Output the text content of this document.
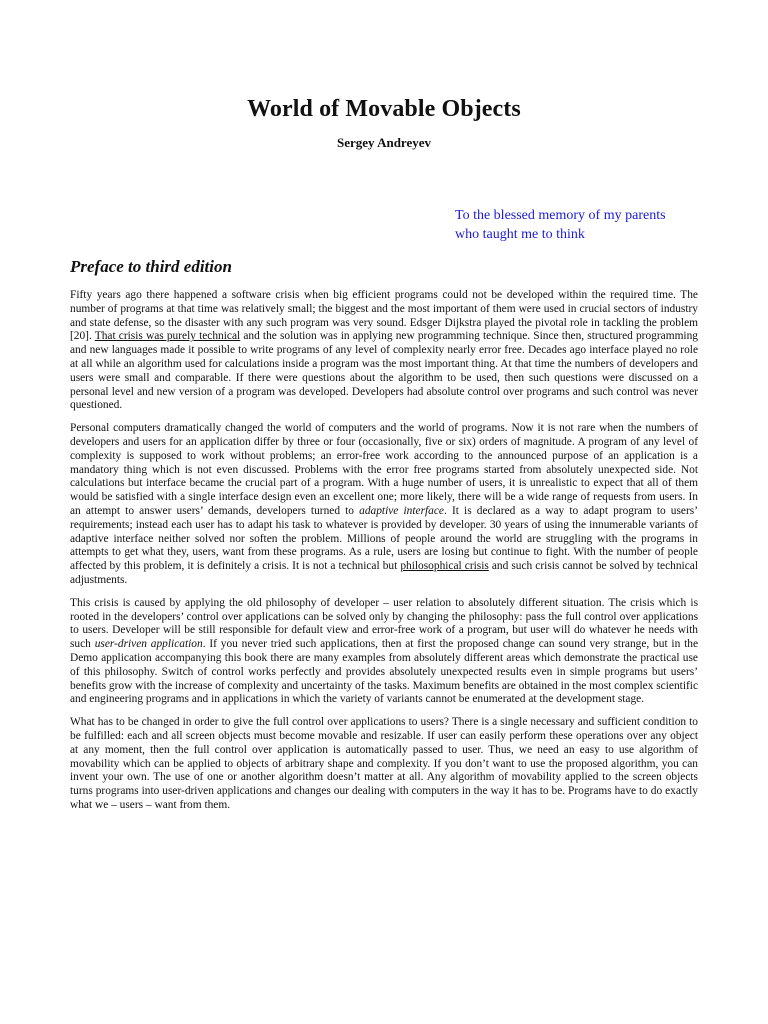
World of Movable Objects

Sergey Andreyev

To the blessed memory of my parents
who taught me to think

Preface to third edition

Fifty years ago there happened a software crisis when big efficient programs could not be developed within the required time. The number of programs at that time was relatively small; the biggest and the most important of them were used in crucial sectors of industry and state defense, so the disaster with any such program was very sound. Edsger Dijkstra played the pivotal role in tackling the problem [20]. That crisis was purely technical and the solution was in applying new programming technique. Since then, structured programming and new languages made it possible to write programs of any level of complexity nearly error free. Decades ago interface played no role at all while an algorithm used for calculations inside a program was the most important thing. At that time the numbers of developers and users were small and comparable. If there were questions about the algorithm to be used, then such questions were discussed on a personal level and new version of a program was developed. Developers had absolute control over programs and such control was never questioned.

Personal computers dramatically changed the world of computers and the world of programs. Now it is not rare when the numbers of developers and users for an application differ by three or four (occasionally, five or six) orders of magnitude. A program of any level of complexity is supposed to work without problems; an error-free work according to the announced purpose of an application is a mandatory thing which is not even discussed. Problems with the error free programs started from absolutely unexpected side. Not calculations but interface became the crucial part of a program. With a huge number of users, it is unrealistic to expect that all of them would be satisfied with a single interface design even an excellent one; more likely, there will be a wide range of requests from users. In an attempt to answer users’ demands, developers turned to adaptive interface. It is declared as a way to adapt program to users’ requirements; instead each user has to adapt his task to whatever is provided by developer. 30 years of using the innumerable variants of adaptive interface neither solved nor soften the problem. Millions of people around the world are struggling with the programs in attempts to get what they, users, want from these programs. As a rule, users are losing but continue to fight. With the number of people affected by this problem, it is definitely a crisis. It is not a technical but philosophical crisis and such crisis cannot be solved by technical adjustments.

This crisis is caused by applying the old philosophy of developer – user relation to absolutely different situation. The crisis which is rooted in the developers’ control over applications can be solved only by changing the philosophy: pass the full control over applications to users. Developer will be still responsible for default view and error-free work of a program, but user will do whatever he needs with such user-driven application. If you never tried such applications, then at first the proposed change can sound very strange, but in the Demo application accompanying this book there are many examples from absolutely different areas which demonstrate the practical use of this philosophy. Switch of control works perfectly and provides absolutely unexpected results even in simple programs but users’ benefits grow with the increase of complexity and uncertainty of the tasks. Maximum benefits are obtained in the most complex scientific and engineering programs and in applications in which the variety of variants cannot be enumerated at the development stage.

What has to be changed in order to give the full control over applications to users? There is a single necessary and sufficient condition to be fulfilled: each and all screen objects must become movable and resizable. If user can easily perform these operations over any object at any moment, then the full control over application is automatically passed to user. Thus, we need an easy to use algorithm of movability which can be applied to objects of arbitrary shape and complexity. If you don’t want to use the proposed algorithm, you can invent your own. The use of one or another algorithm doesn’t matter at all. Any algorithm of movability applied to the screen objects turns programs into user-driven applications and changes our dealing with computers in the way it has to be. Programs have to do exactly what we – users – want from them.
